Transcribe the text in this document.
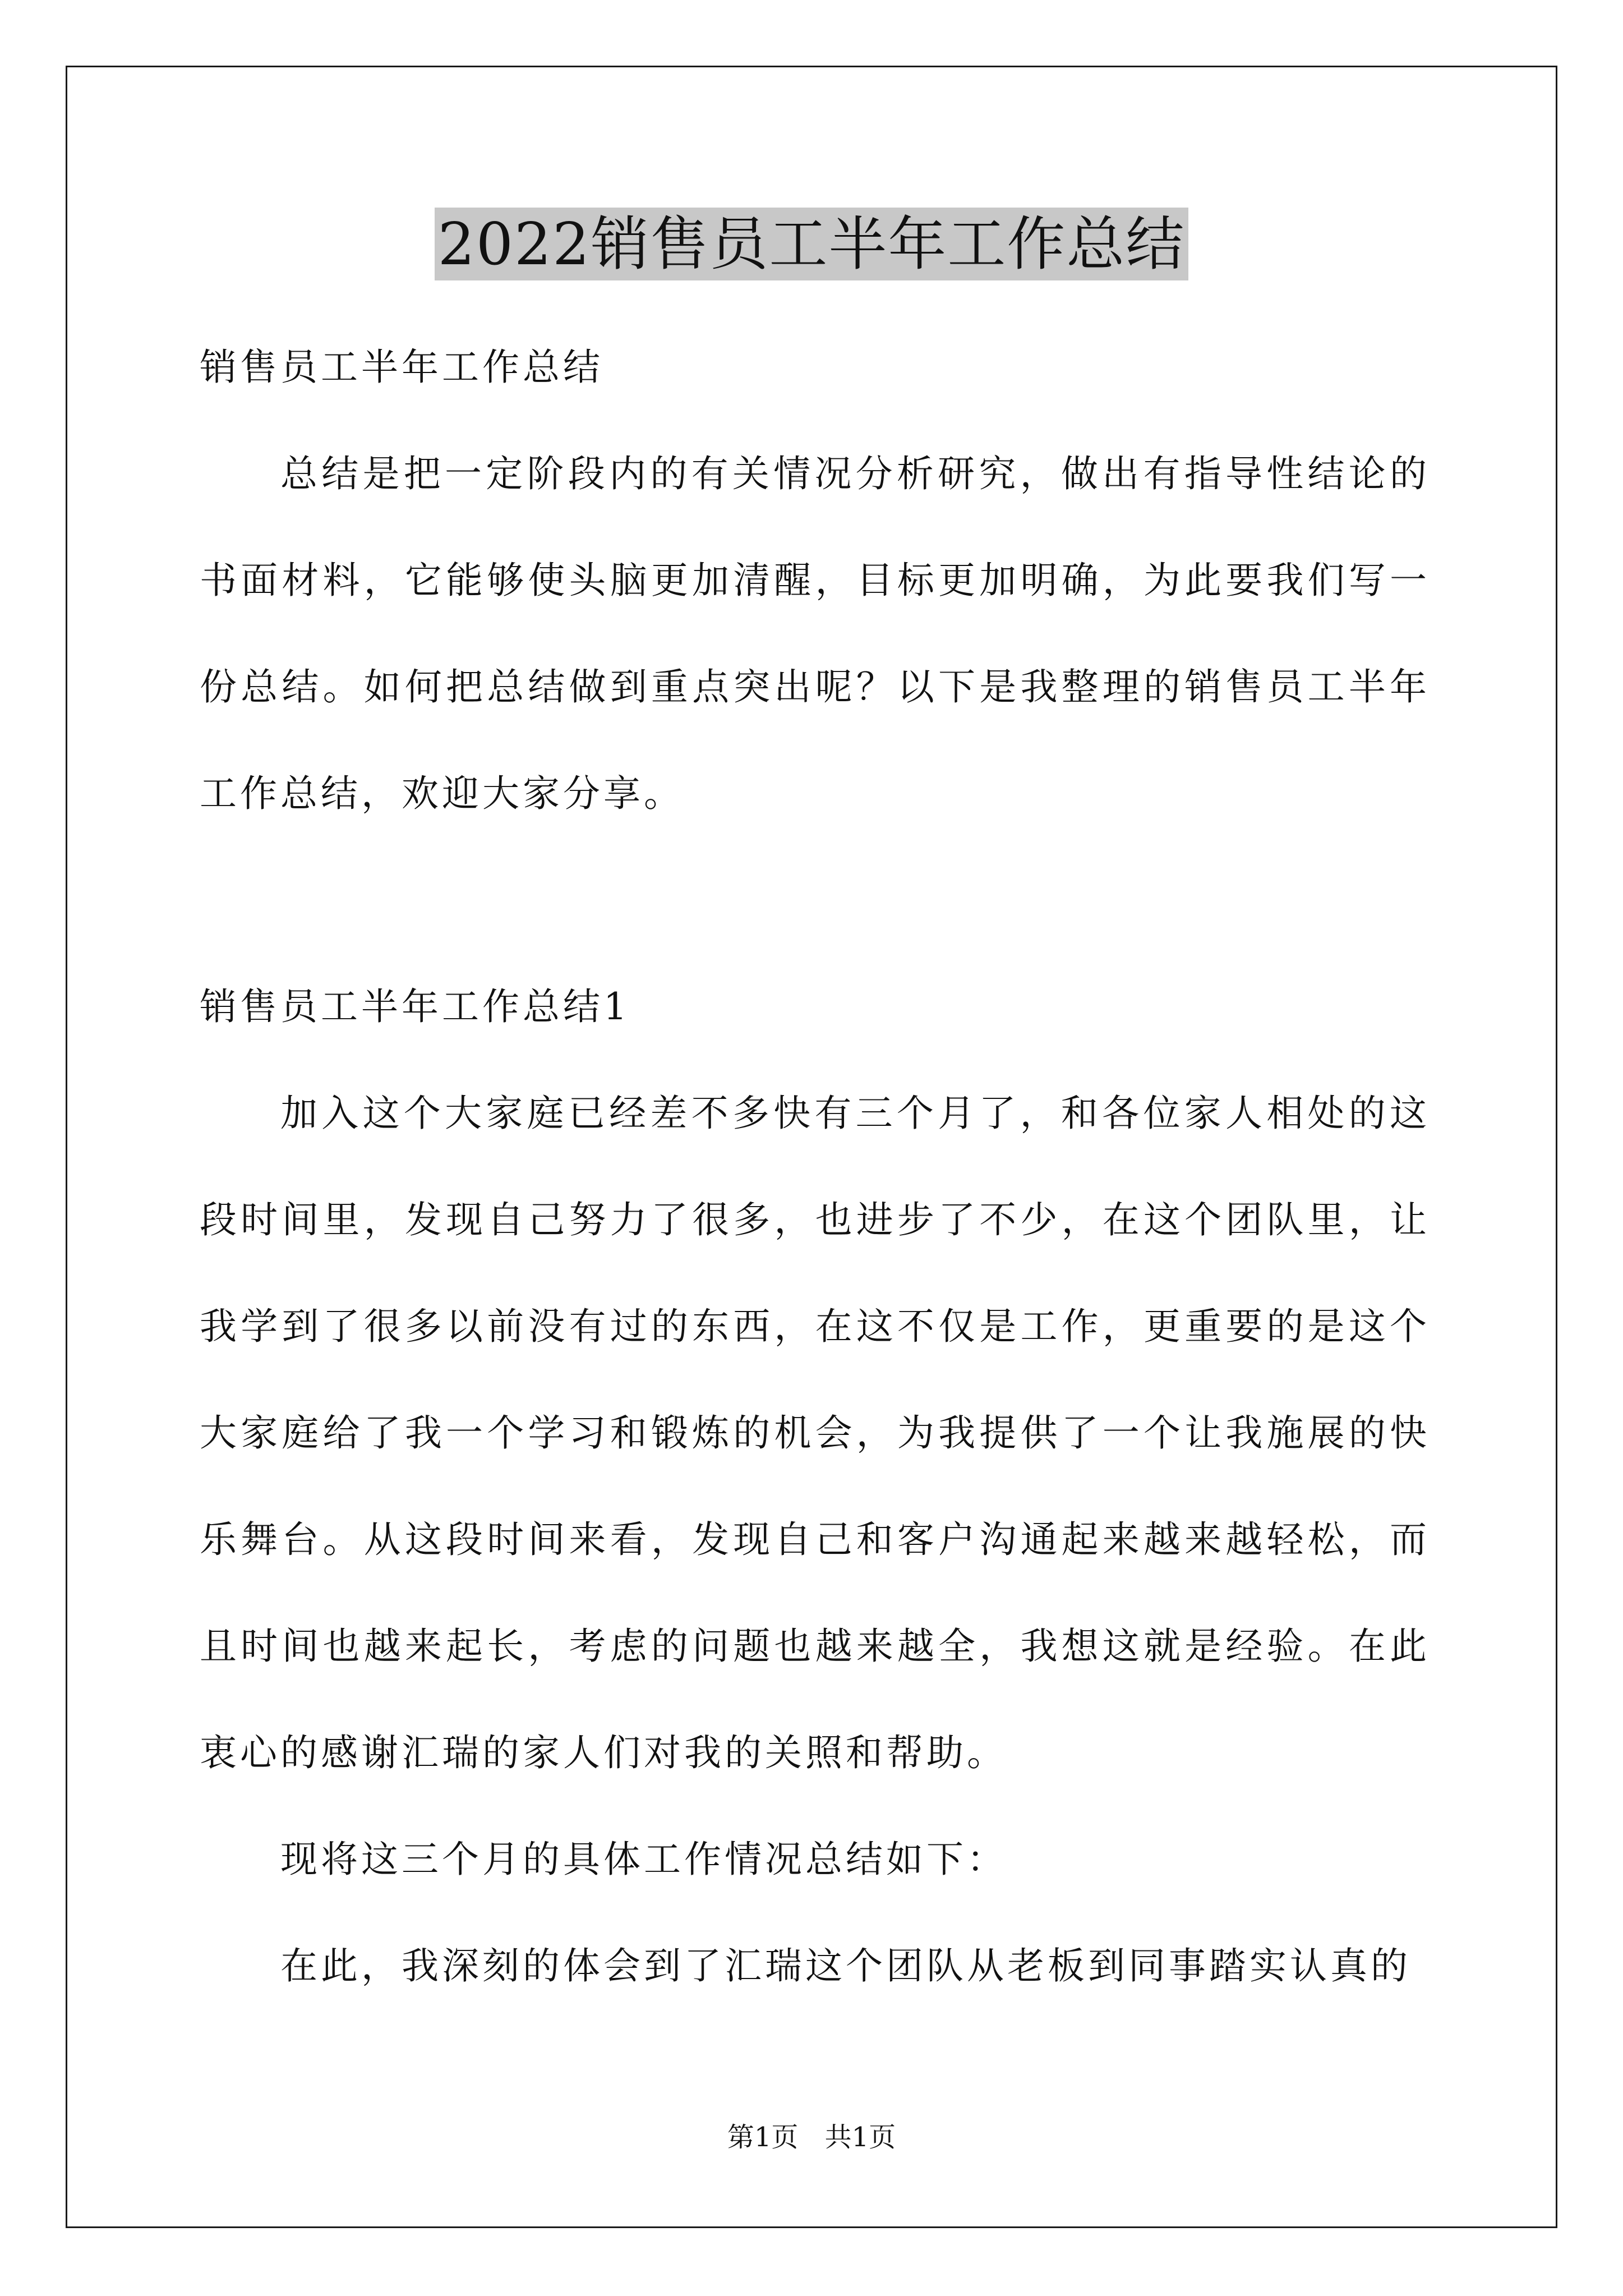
2022销售员工半年工作总结

销售员工半年工作总结

总结是把一定阶段内的有关情况分析研究，做出有指导性结论的书面材料，它能够使头脑更加清醒，目标更加明确，为此要我们写一份总结。如何把总结做到重点突出呢？以下是我整理的销售员工半年工作总结，欢迎大家分享。

销售员工半年工作总结1

加入这个大家庭已经差不多快有三个月了，和各位家人相处的这段时间里，发现自己努力了很多，也进步了不少，在这个团队里，让我学到了很多以前没有过的东西，在这不仅是工作，更重要的是这个大家庭给了我一个学习和锻炼的机会，为我提供了一个让我施展的快乐舞台。从这段时间来看，发现自己和客户沟通起来越来越轻松，而且时间也越来起长，考虑的问题也越来越全，我想这就是经验。在此衷心的感谢汇瑞的家人们对我的关照和帮助。

现将这三个月的具体工作情况总结如下：

在此，我深刻的体会到了汇瑞这个团队从老板到同事踏实认真的

第1页 共1页
